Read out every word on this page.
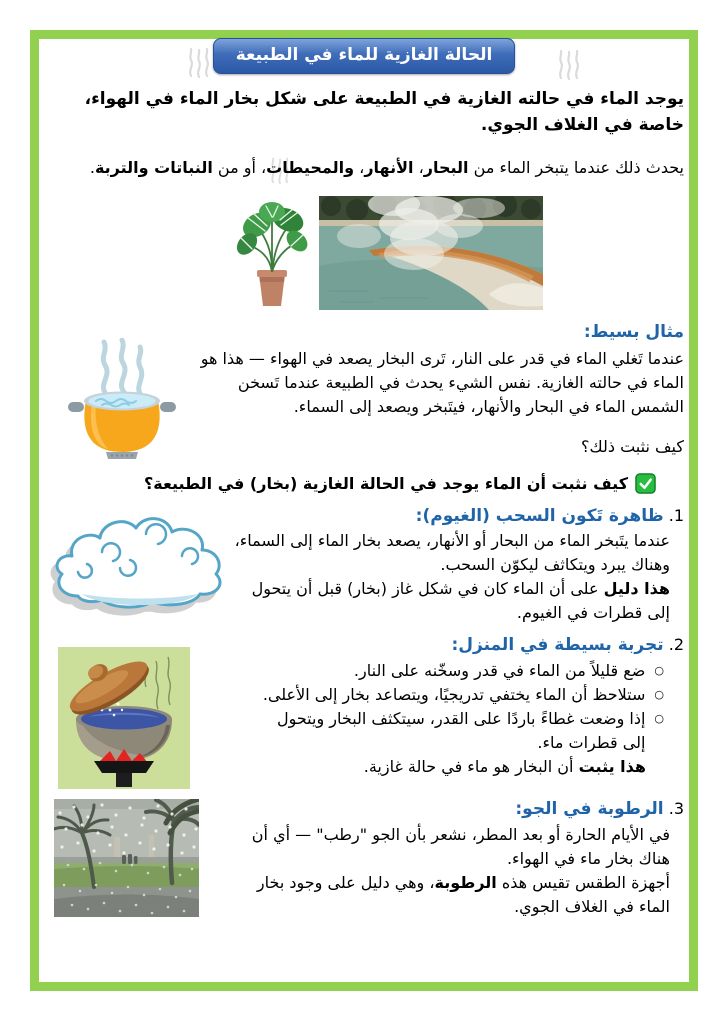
الحالة الغازية للماء في الطبيعة

يوجد الماء في حالته الغازية في الطبيعة على شكل بخار الماء في الهواء، خاصة في الغلاف الجوي.

يحدث ذلك عندما يتبخر الماء من البحار، الأنهار، والمحيطات، أو من النباتات والتربة.

مثال بسيط:
عندما تَغلي الماء في قدر على النار، تَرى البخار يصعد في الهواء — هذا هو الماء في حالته الغازية. نفس الشيء يحدث في الطبيعة عندما تَسخن الشمس الماء في البحار والأنهار، فيتَبخر ويصعد إلى السماء.
كيف نثبت ذلك؟
كيف نثبت أن الماء يوجد في الحالة الغازية (بخار) في الطبيعة؟
1. ظاهرة تَكون السحب (الغيوم):
عندما يتَبخر الماء من البحار أو الأنهار، يصعد بخار الماء إلى السماء، وهناك يبرد ويتكاثف ليكوّن السحب.
هذا دليل على أن الماء كان في شكل غاز (بخار) قبل أن يتحول إلى قطرات في الغيوم.
2. تجربة بسيطة في المنزل:
○
ضع قليلاً من الماء في قدر وسخّنه على النار.
○
ستلاحظ أن الماء يختفي تدريجيًا، ويتصاعد بخار إلى الأعلى.
○
إذا وضعت غطاءً باردًا على القدر، سيتكثف البخار ويتحول إلى قطرات ماء.
هذا يثبت أن البخار هو ماء في حالة غازية.
3. الرطوبة في الجو:
في الأيام الحارة أو بعد المطر، نشعر بأن الجو "رطب" — أي أن هناك بخار ماء في الهواء.
أجهزة الطقس تقيس هذه الرطوبة، وهي دليل على وجود بخار الماء في الغلاف الجوي.
